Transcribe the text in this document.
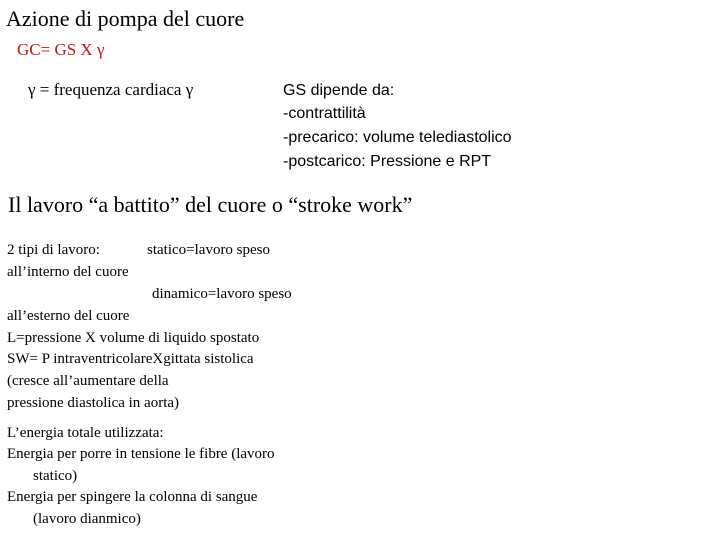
Azione di pompa del cuore
GC= GS X γ
γ = frequenza cardiaca γ	GS dipende da:
-contrattilità
-precarico: volume telediastolico
-postcarico: Pressione e RPT
Il lavoro “a battito” del cuore o “stroke work”
2 tipi di lavoro:	statico=lavoro speso
all’interno del cuore
dinamico=lavoro speso
all’esterno del cuore
L=pressione X volume di liquido spostato
SW= P intraventricolareXgittata sistolica
(cresce all’aumentare della
pressione diastolica in aorta)
L’energia totale utilizzata:
Energia per porre in tensione le fibre (lavoro
statico)
Energia per spingere la colonna di sangue
(lavoro dianmico)
